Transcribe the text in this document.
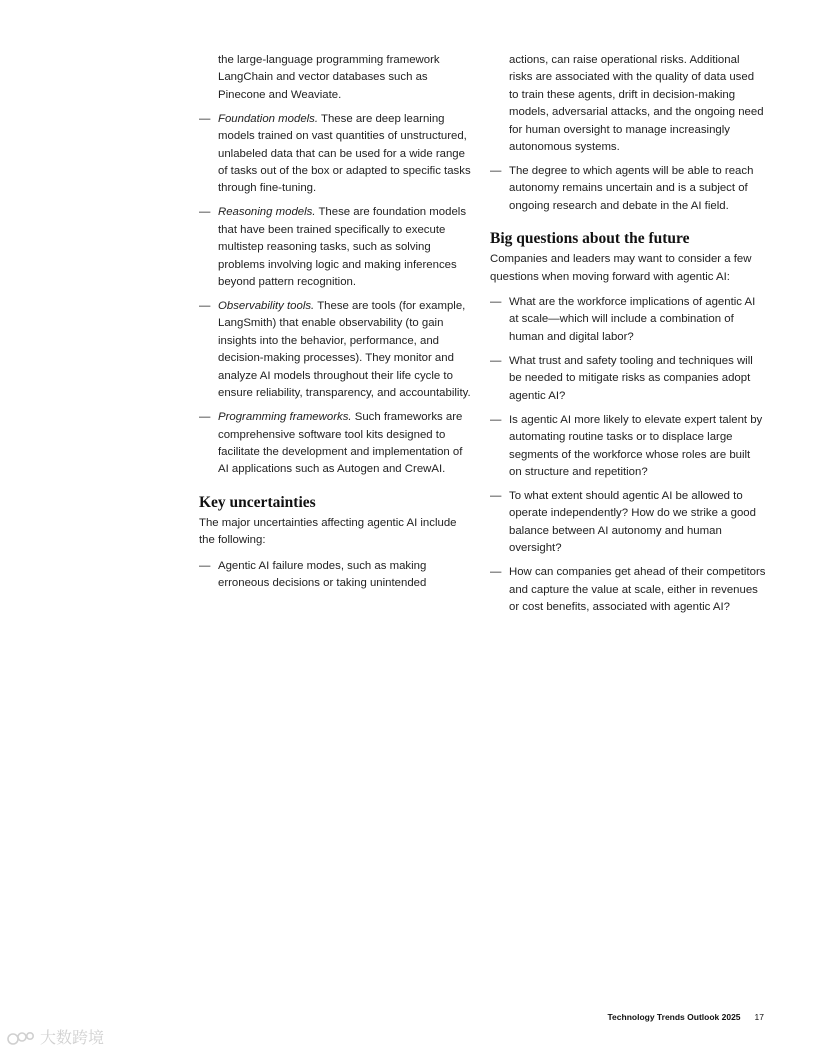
the large-language programming framework LangChain and vector databases such as Pinecone and Weaviate.

— Foundation models. These are deep learning models trained on vast quantities of unstructured, unlabeled data that can be used for a wide range of tasks out of the box or adapted to specific tasks through fine-tuning.
— Reasoning models. These are foundation models that have been trained specifically to execute multistep reasoning tasks, such as solving problems involving logic and making inferences beyond pattern recognition.
— Observability tools. These are tools (for example, LangSmith) that enable observability (to gain insights into the behavior, performance, and decision-making processes). They monitor and analyze AI models throughout their life cycle to ensure reliability, transparency, and accountability.
— Programming frameworks. Such frameworks are comprehensive software tool kits designed to facilitate the development and implementation of AI applications such as Autogen and CrewAI.
Key uncertainties

The major uncertainties affecting agentic AI include the following:

— Agentic AI failure modes, such as making erroneous decisions or taking unintended

actions, can raise operational risks. Additional risks are associated with the quality of data used to train these agents, drift in decision-making models, adversarial attacks, and the ongoing need for human oversight to manage increasingly autonomous systems.

— The degree to which agents will be able to reach autonomy remains uncertain and is a subject of ongoing research and debate in the AI field.
Big questions about the future

Companies and leaders may want to consider a few questions when moving forward with agentic AI:

— What are the workforce implications of agentic AI at scale—which will include a combination of human and digital labor?
— What trust and safety tooling and techniques will be needed to mitigate risks as companies adopt agentic AI?
— Is agentic AI more likely to elevate expert talent by automating routine tasks or to displace large segments of the workforce whose roles are built on structure and repetition?
— To what extent should agentic AI be allowed to operate independently? How do we strike a good balance between AI autonomy and human oversight?
— How can companies get ahead of their competitors and capture the value at scale, either in revenues or cost benefits, associated with agentic AI?
Technology Trends Outlook 2025 17
大数跨境
